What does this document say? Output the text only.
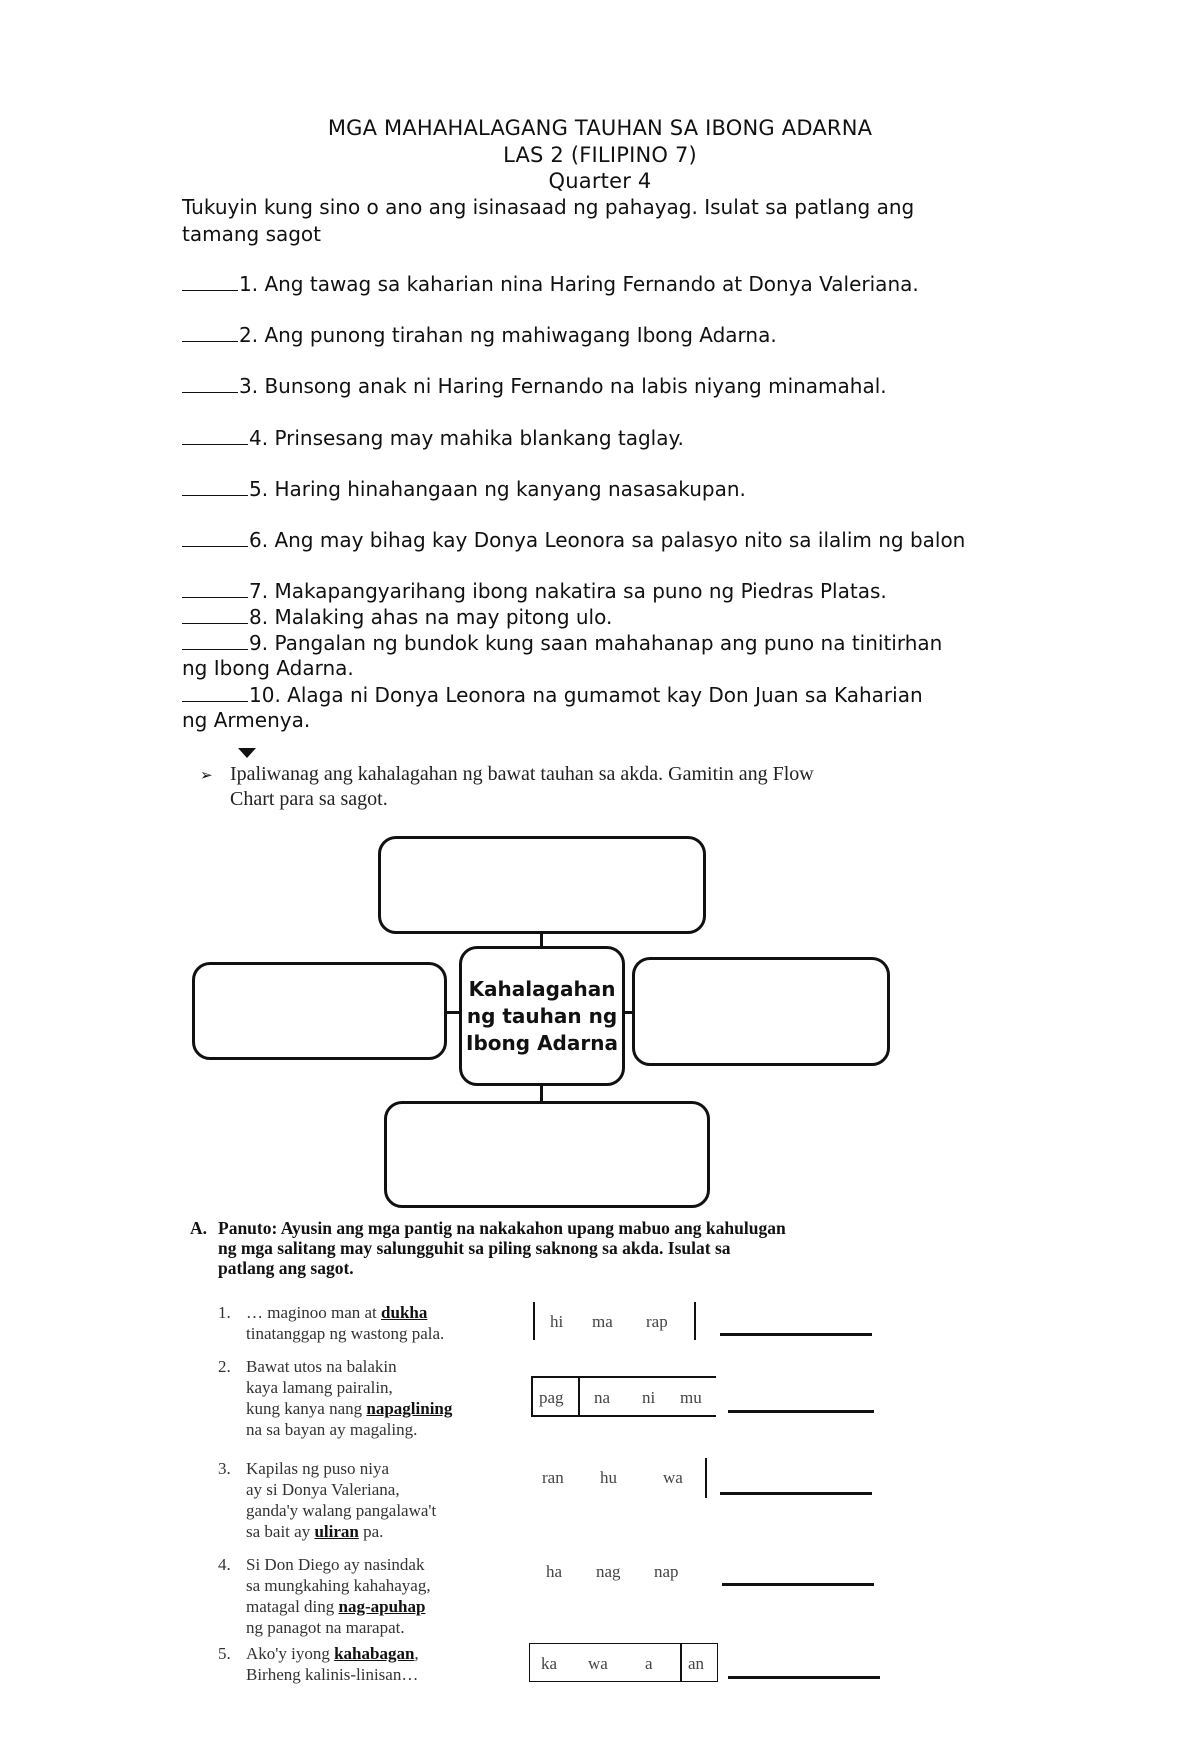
MGA MAHAHALAGANG TAUHAN SA IBONG ADARNA
LAS 2 (FILIPINO 7)
Quarter 4
Tukuyin kung sino o ano ang isinasaad ng pahayag. Isulat sa patlang ang
tamang sagot
1. Ang tawag sa kaharian nina Haring Fernando at Donya Valeriana.
2. Ang punong tirahan ng mahiwagang Ibong Adarna.
3. Bunsong anak ni Haring Fernando na labis niyang minamahal.
4. Prinsesang may mahika blankang taglay.
5. Haring hinahangaan ng kanyang nasasakupan.
6. Ang may bihag kay Donya Leonora sa palasyo nito sa ilalim ng balon
7. Makapangyarihang ibong nakatira sa puno ng Piedras Platas.
8. Malaking ahas na may pitong ulo.
9. Pangalan ng bundok kung saan mahahanap ang puno na tinitirhan
ng Ibong Adarna.
10. Alaga ni Donya Leonora na gumamot kay Don Juan sa Kaharian
ng Armenya.
➢ Ipaliwanag ang kahalagahan ng bawat tauhan sa akda. Gamitin ang Flow
Chart para sa sagot.
Kahalagahan
ng tauhan ng
Ibong Adarna
A. Panuto: Ayusin ang mga pantig na nakakahon upang mabuo ang kahulugan
ng mga salitang may salungguhit sa piling saknong sa akda. Isulat sa
patlang ang sagot.
1. … maginoo man at dukha
tinatanggap ng wastong pala.
hi ma rap
2. Bawat utos na balakin
kaya lamang pairalin,
kung kanya nang napaglining
na sa bayan ay magaling.
pag na ni mu
3. Kapilas ng puso niya
ay si Donya Valeriana,
ganda'y walang pangalawa't
sa bait ay uliran pa.
ran hu	wa
4. Si Don Diego ay nasindak
sa mungkahing kahahayag,
matagal ding nag-apuhap
ng panagot na marapat.
ha nag nap
5. Ako'y iyong kahabagan,
Birheng kalinis-linisan…
ka wa a an
